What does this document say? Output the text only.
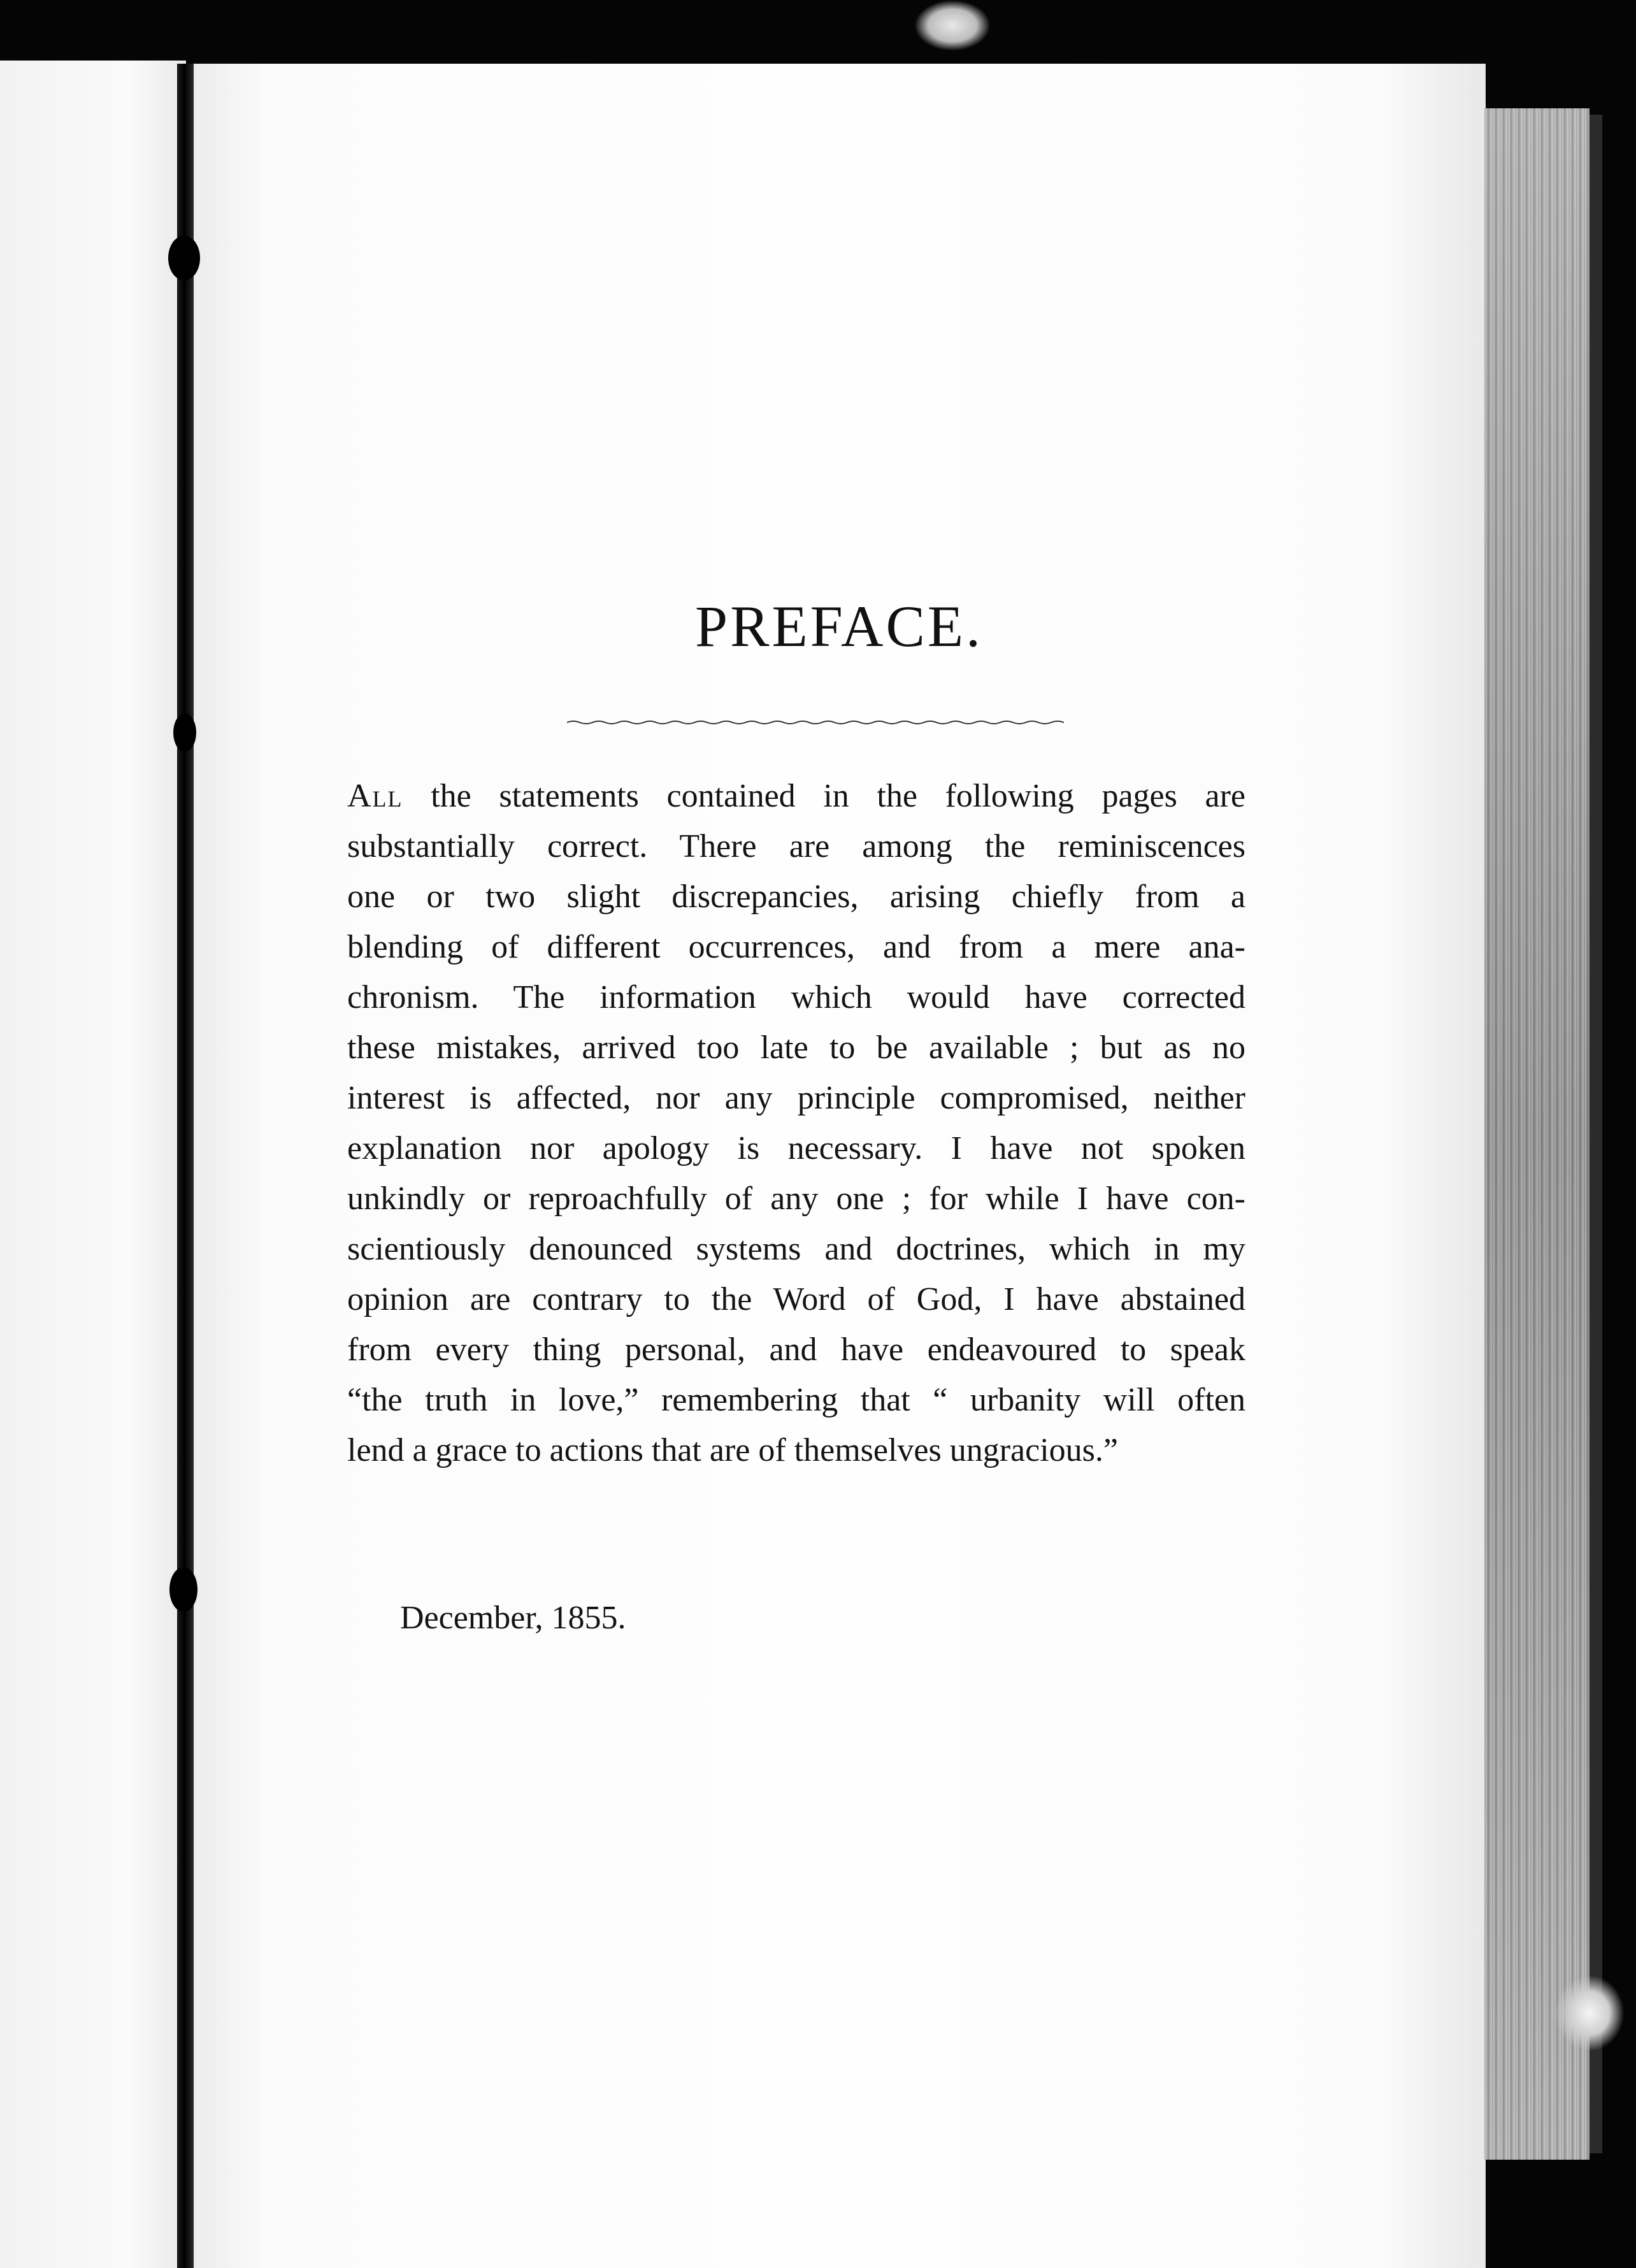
PREFACE.
All the statements contained in the following pages are
substantially correct. There are among the reminiscences
one or two slight discrepancies, arising chiefly from a
blending of different occurrences, and from a mere ana-
chronism. The information which would have corrected
these mistakes, arrived too late to be available ; but as no
interest is affected, nor any principle compromised, neither
explanation nor apology is necessary. I have not spoken
unkindly or reproachfully of any one ; for while I have con-
scientiously denounced systems and doctrines, which in my
opinion are contrary to the Word of God, I have abstained
from every thing personal, and have endeavoured to speak
“the truth in love,” remembering that “ urbanity will often
lend a grace to actions that are of themselves ungracious.”
December, 1855.
